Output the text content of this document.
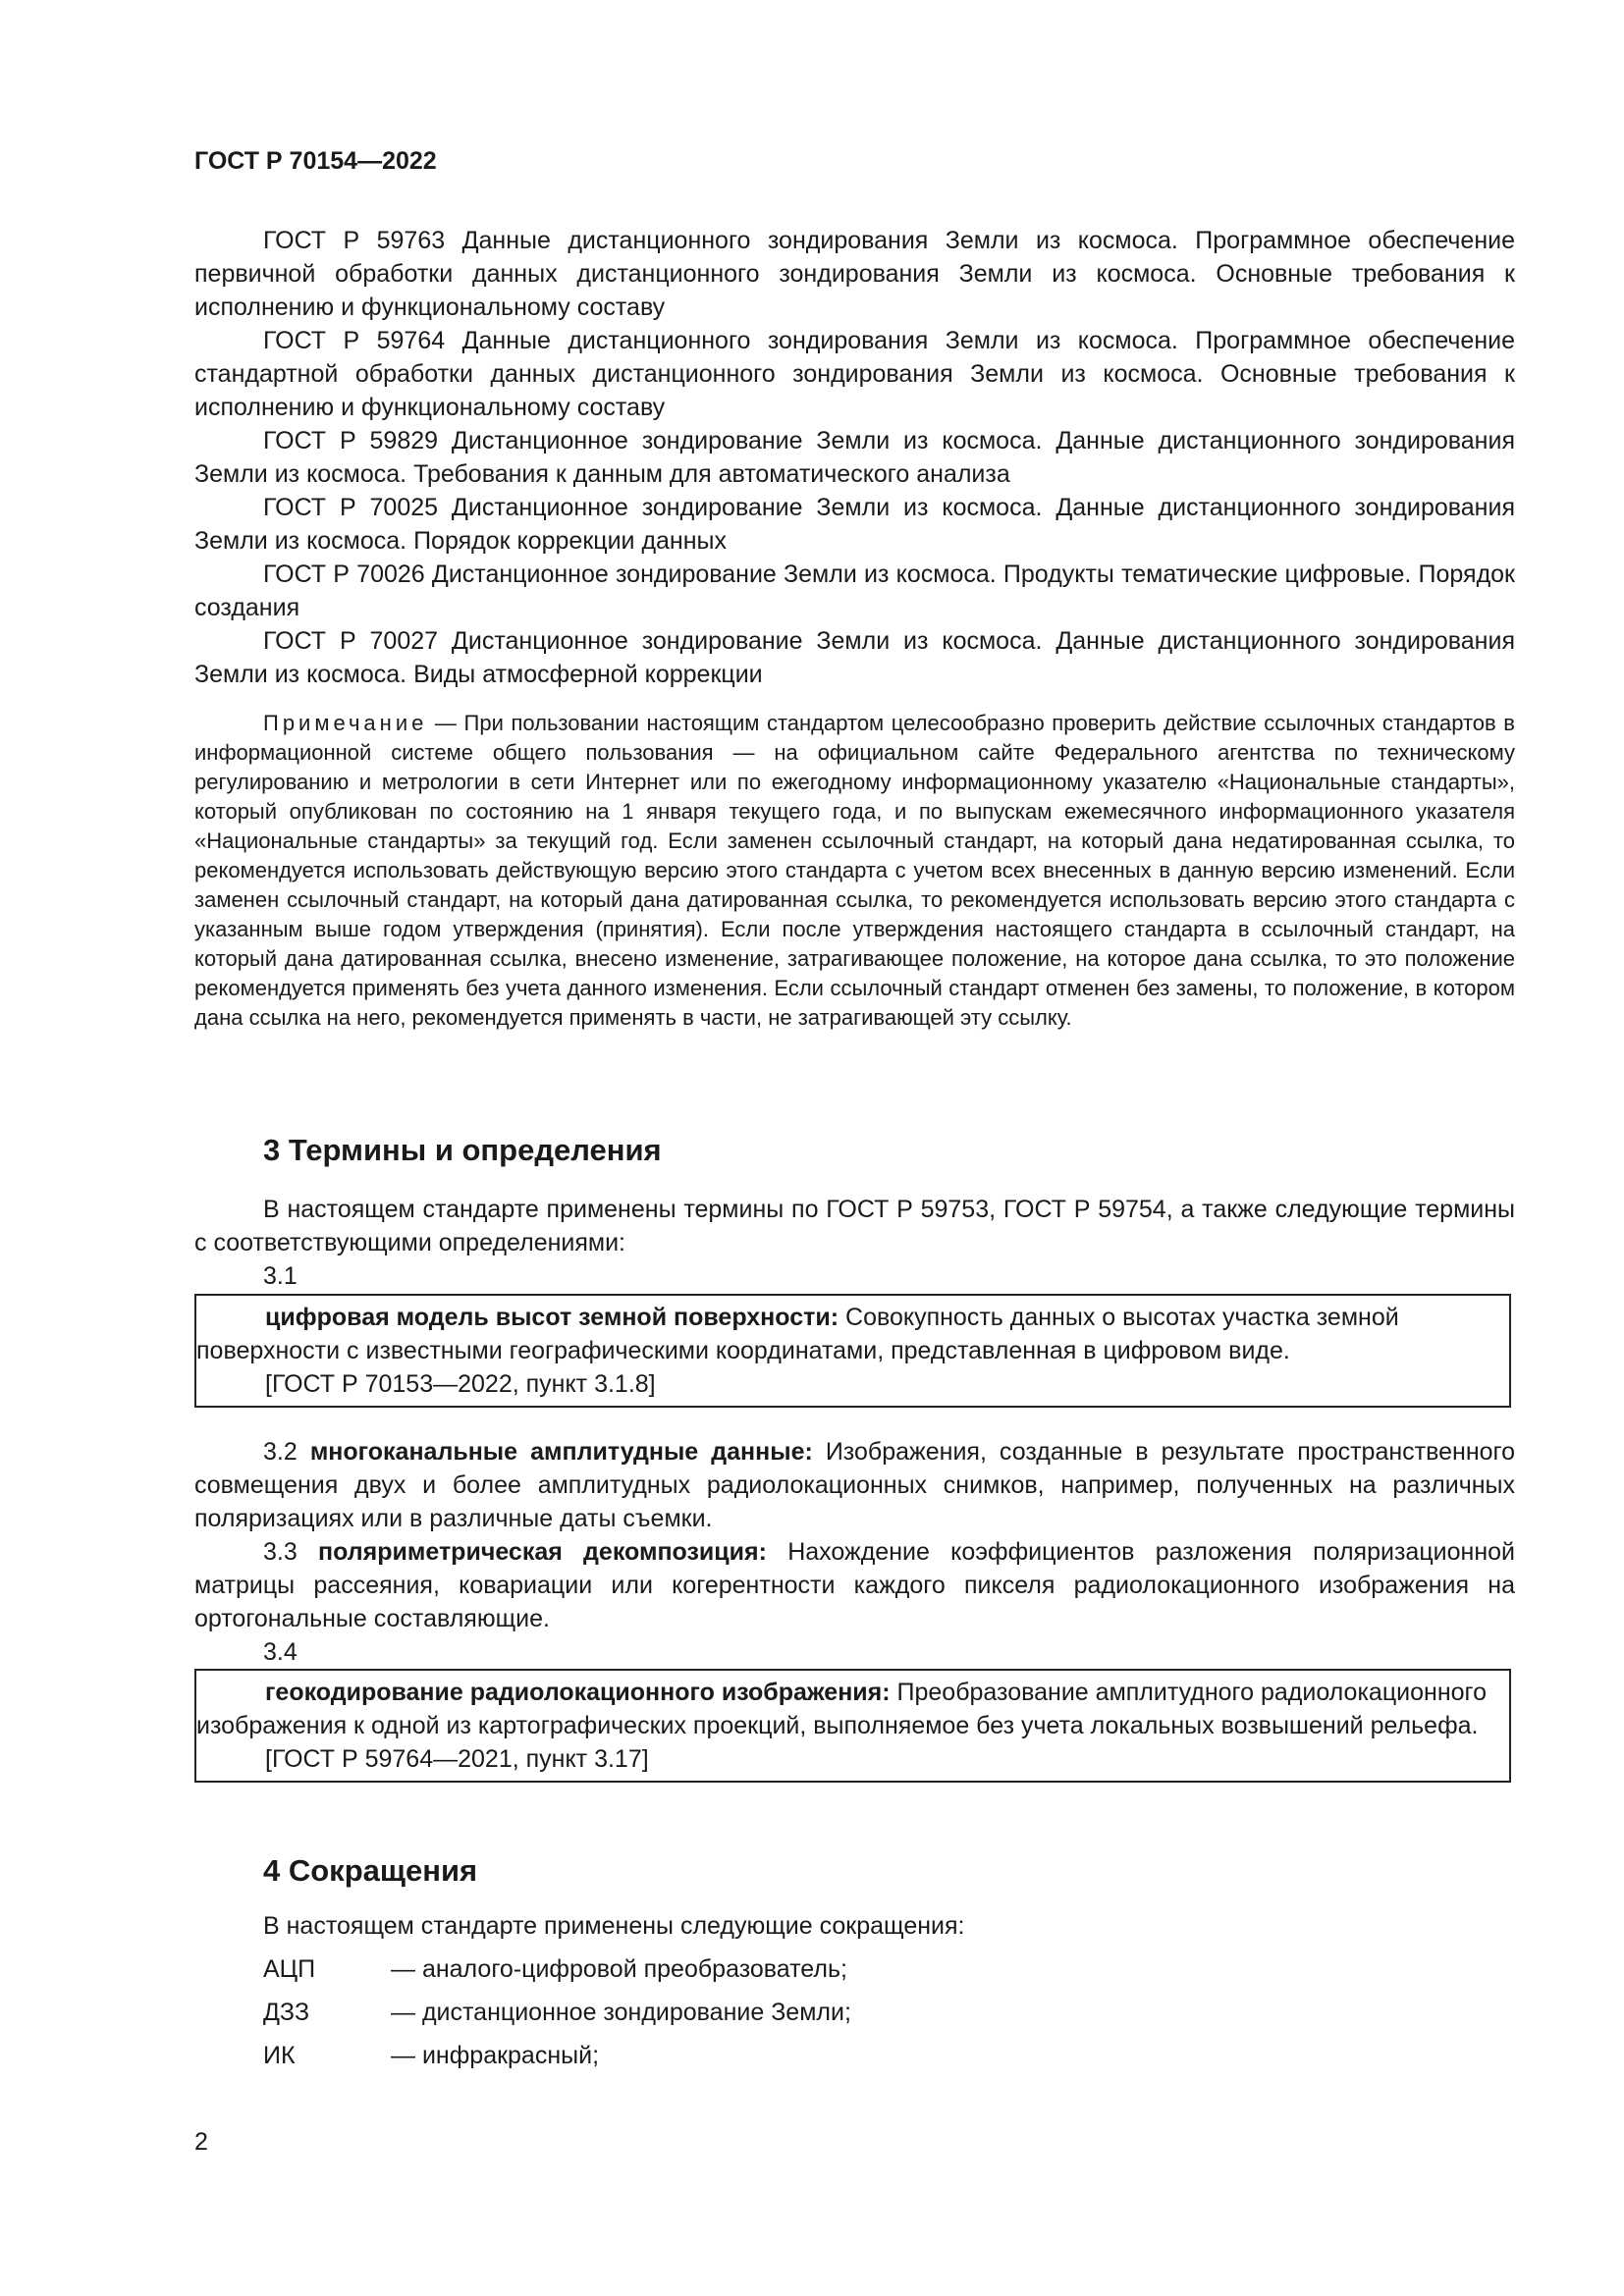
ГОСТ Р 70154—2022

ГОСТ Р 59763 Данные дистанционного зондирования Земли из космоса. Программное обеспечение первичной обработки данных дистанционного зондирования Земли из космоса. Основные требования к исполнению и функциональному составу

ГОСТ Р 59764 Данные дистанционного зондирования Земли из космоса. Программное обеспечение стандартной обработки данных дистанционного зондирования Земли из космоса. Основные требования к исполнению и функциональному составу

ГОСТ Р 59829 Дистанционное зондирование Земли из космоса. Данные дистанционного зондирования Земли из космоса. Требования к данным для автоматического анализа

ГОСТ Р 70025 Дистанционное зондирование Земли из космоса. Данные дистанционного зондирования Земли из космоса. Порядок коррекции данных

ГОСТ Р 70026 Дистанционное зондирование Земли из космоса. Продукты тематические цифровые. Порядок создания

ГОСТ Р 70027 Дистанционное зондирование Земли из космоса. Данные дистанционного зондирования Земли из космоса. Виды атмосферной коррекции

Примечание — При пользовании настоящим стандартом целесообразно проверить действие ссылочных стандартов в информационной системе общего пользования — на официальном сайте Федерального агентства по техническому регулированию и метрологии в сети Интернет или по ежегодному информационному указателю «Национальные стандарты», который опубликован по состоянию на 1 января текущего года, и по выпускам ежемесячного информационного указателя «Национальные стандарты» за текущий год. Если заменен ссылочный стандарт, на который дана недатированная ссылка, то рекомендуется использовать действующую версию этого стандарта с учетом всех внесенных в данную версию изменений. Если заменен ссылочный стандарт, на который дана датированная ссылка, то рекомендуется использовать версию этого стандарта с указанным выше годом утверждения (принятия). Если после утверждения настоящего стандарта в ссылочный стандарт, на который дана датированная ссылка, внесено изменение, затрагивающее положение, на которое дана ссылка, то это положение рекомендуется применять без учета данного изменения. Если ссылочный стандарт отменен без замены, то положение, в котором дана ссылка на него, рекомендуется применять в части, не затрагивающей эту ссылку.

3 Термины и определения

В настоящем стандарте применены термины по ГОСТ Р 59753, ГОСТ Р 59754, а также следующие термины с соответствующими определениями:

3.1

цифровая модель высот земной поверхности: Совокупность данных о высотах участка земной поверхности с известными географическими координатами, представленная в цифровом виде.

[ГОСТ Р 70153—2022, пункт 3.1.8]

3.2 многоканальные амплитудные данные: Изображения, созданные в результате пространственного совмещения двух и более амплитудных радиолокационных снимков, например, полученных на различных поляризациях или в различные даты съемки.

3.3 поляриметрическая декомпозиция: Нахождение коэффициентов разложения поляризационной матрицы рассеяния, ковариации или когерентности каждого пикселя радиолокационного изображения на ортогональные составляющие.

3.4

геокодирование радиолокационного изображения: Преобразование амплитудного радиолокационного изображения к одной из картографических проекций, выполняемое без учета локальных возвышений рельефа.

[ГОСТ Р 59764—2021, пункт 3.17]

4 Сокращения
В настоящем стандарте применены следующие сокращения:
АЦП	— аналого-цифровой преобразователь;
ДЗЗ	— дистанционное зондирование Земли;
ИК	— инфракрасный;
2
